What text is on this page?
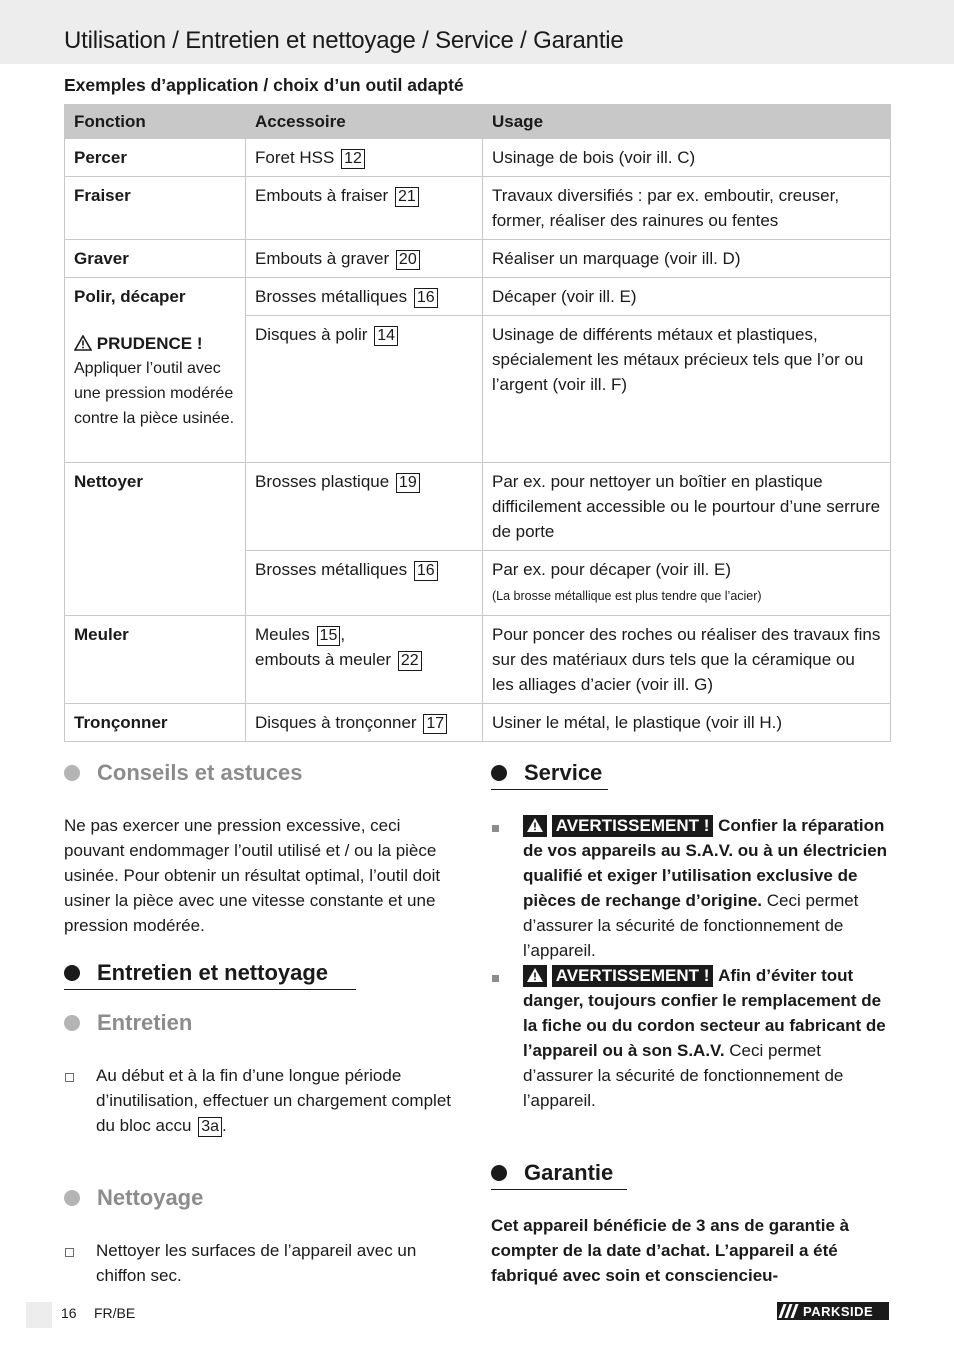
Utilisation / Entretien et nettoyage / Service / Garantie
Exemples d’application / choix d’un outil adapté
Fonction	Accessoire	Usage
Percer	Foret HSS 12	Usinage de bois (voir ill. C)
Fraiser	Embouts à fraiser 21	Travaux diversifiés : par ex. emboutir, creuser, former, réaliser des rainures ou fentes
Graver	Embouts à graver 20	Réaliser un marquage (voir ill. D)
Polir, décaper
PRUDENCE !
Appliquer l’outil avec une pression modérée contre la pièce usinée.	Brosses métalliques 16	Décaper (voir ill. E)
	Disques à polir 14	Usinage de différents métaux et plastiques, spécialement les métaux précieux tels que l’or ou l’argent (voir ill. F)
Nettoyer	Brosses plastique 19	Par ex. pour nettoyer un boîtier en plastique difficilement accessible ou le pourtour d’une serrure de porte
	Brosses métalliques 16	Par ex. pour décaper (voir ill. E)
(La brosse métallique est plus tendre que l’acier)
Meuler	Meules 15 ,
embouts à meuler 22	Pour poncer des roches ou réaliser des travaux fins sur des matériaux durs tels que la céramique ou les alliages d’acier (voir ill. G)
Tronçonner	Disques à tronçonner 17	Usiner le métal, le plastique (voir ill H.)
Conseils et astuces
Ne pas exercer une pression excessive, ceci pouvant endommager l’outil utilisé et / ou la pièce usinée. Pour obtenir un résultat optimal, l’outil doit usiner la pièce avec une vitesse constante et une pression modérée.
Entretien et nettoyage
Entretien
Au début et à la fin d’une longue période d’inutilisation, effectuer un chargement complet du bloc accu 3a .
Nettoyage
Nettoyer les surfaces de l’appareil avec un chiffon sec.
Service
AVERTISSEMENT ! Confier la réparation de vos appareils au S.A.V. ou à un électricien qualifié et exiger l’utilisation exclusive de pièces de rechange d’origine. Ceci permet d’assurer la sécurité de fonctionnement de l’appareil.
AVERTISSEMENT ! Afin d’éviter tout danger, toujours confier le remplacement de la fiche ou du cordon secteur au fabricant de l’appareil ou à son S.A.V. Ceci permet d’assurer la sécurité de fonctionnement de l’appareil.
Garantie
Cet appareil bénéficie de 3 ans de garantie à compter de la date d’achat. L’appareil a été fabriqué avec soin et consciencieu-
16 FR/BE	PARKSIDE
